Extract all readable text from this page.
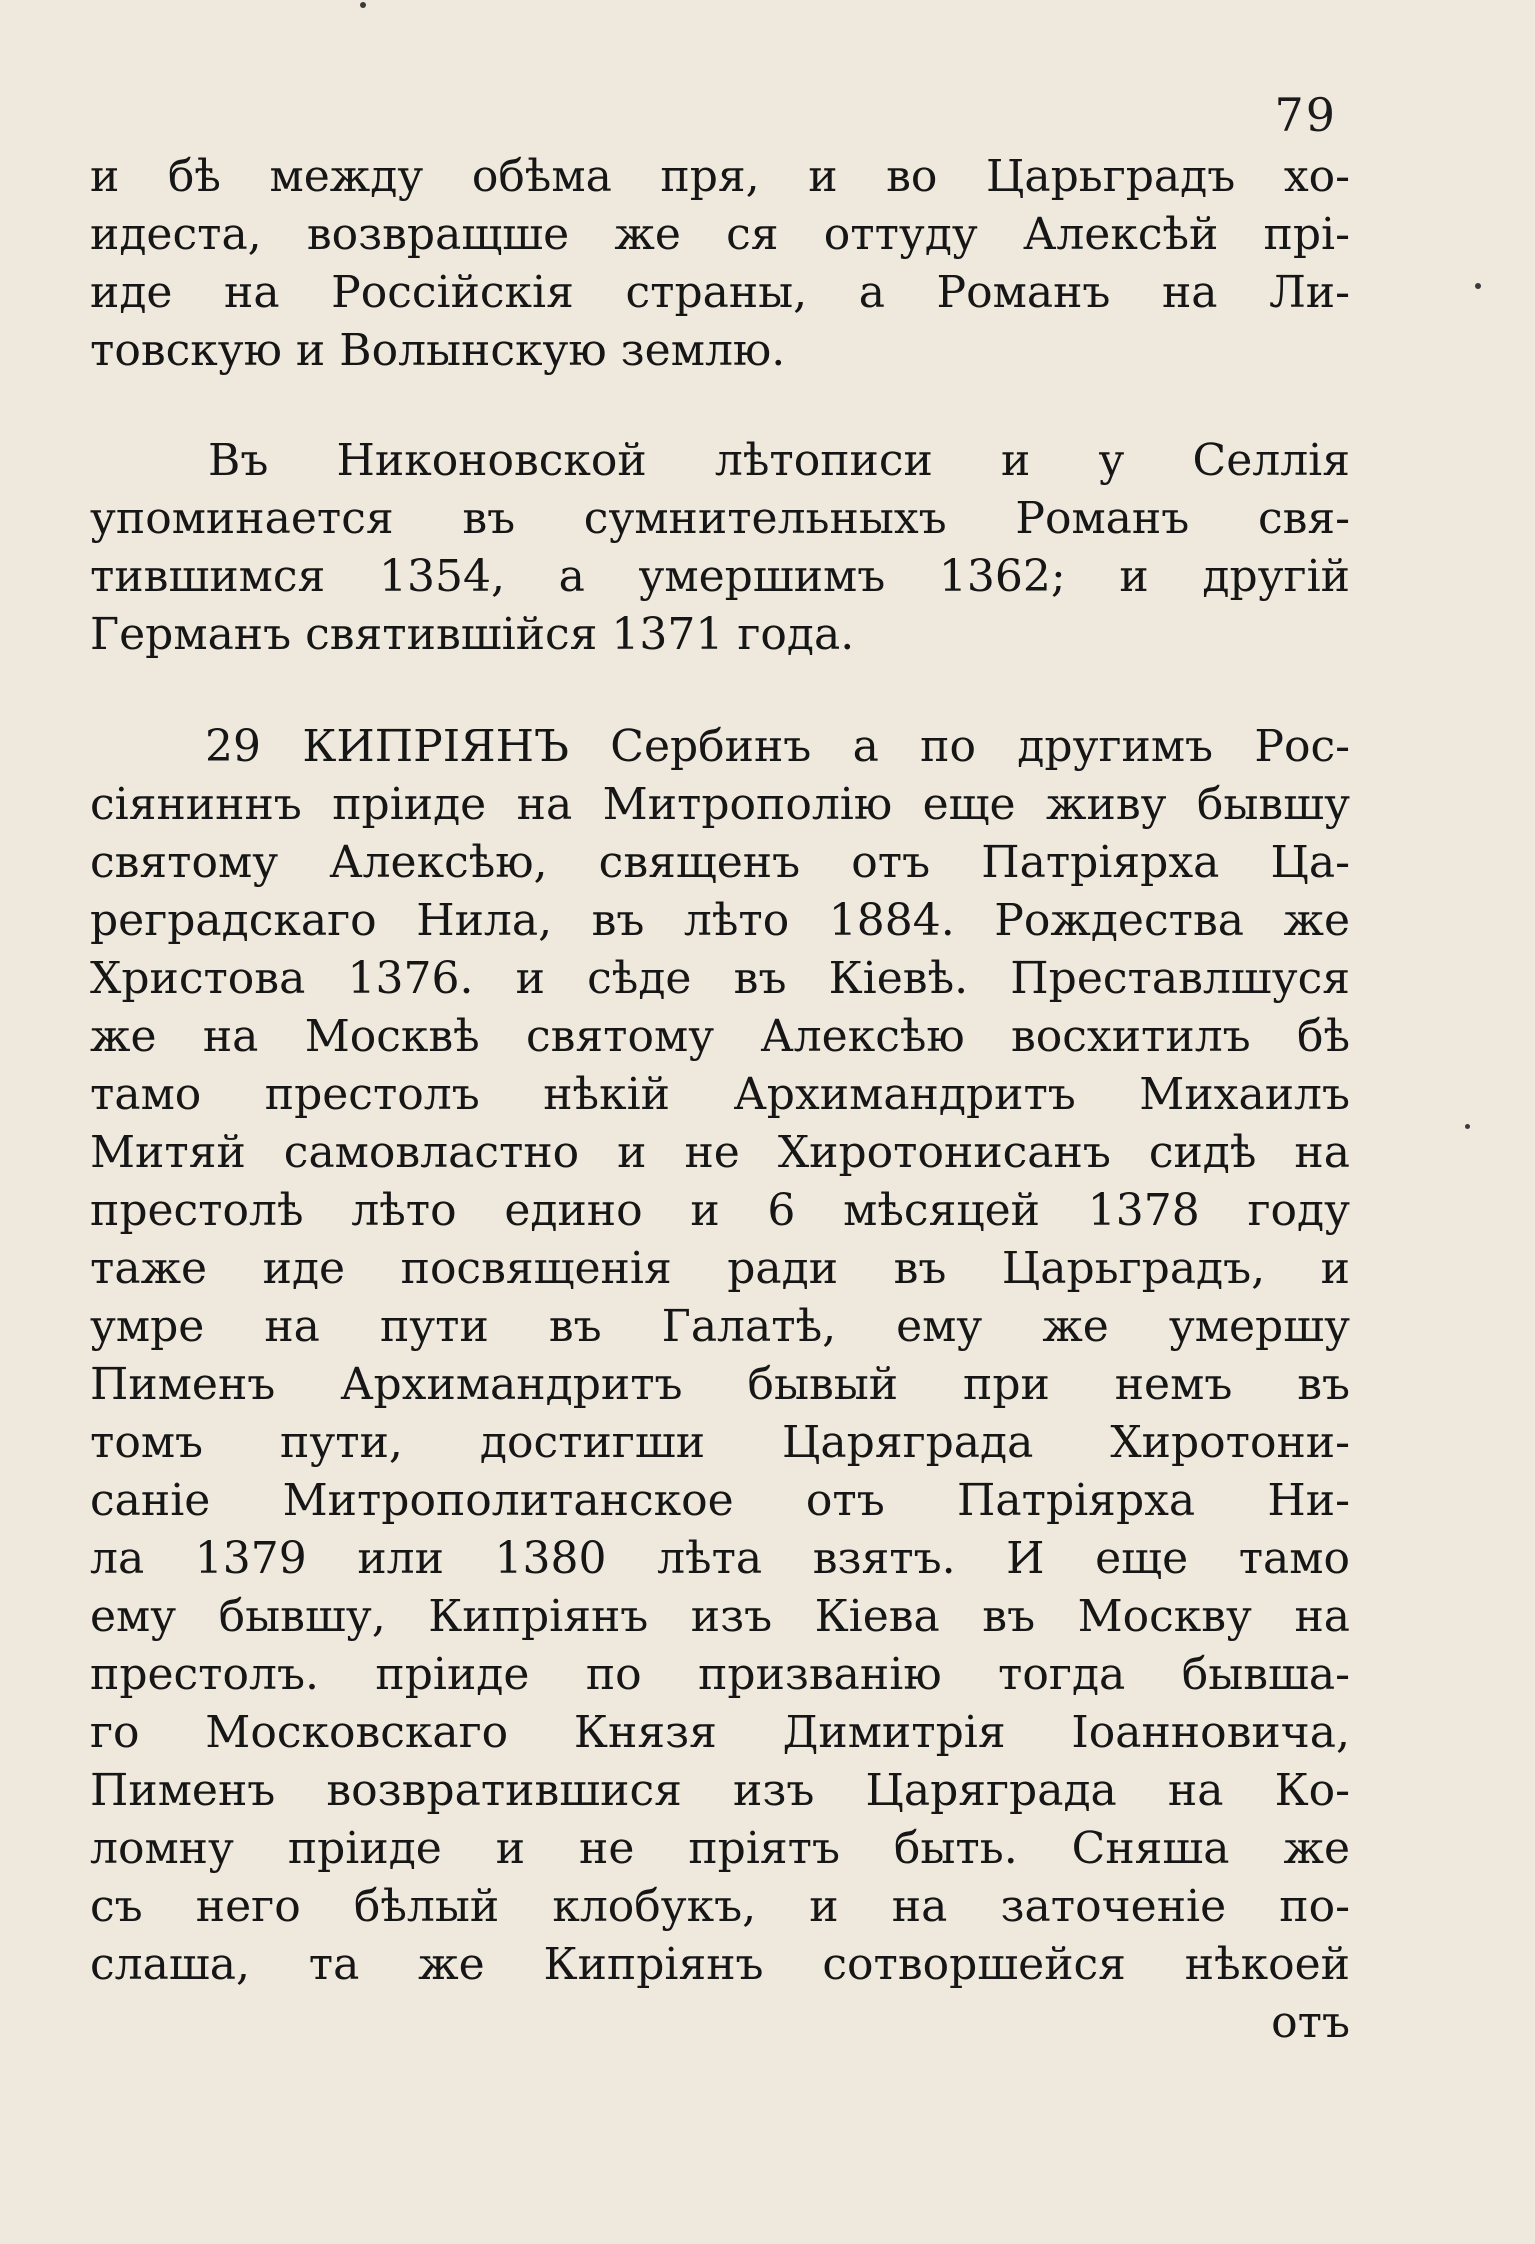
79
и бѣ между обѣма пря, и во Царьградъ хо-
идеста, возвращше же ся оттуду Алексѣй прі-
иде на Россійскія страны, а Романъ на Ли-
товскую и Волынскую землю.
Въ Никоновской лѣтописи и у Селлія
упоминается въ сумнительныхъ Романъ свя-
тившимся 1354, а умершимъ 1362; и другій
Германъ святившійся 1371 года.
29 КИПРІЯНЪ Сербинъ а по другимъ Рос-
сіяниннъ пріиде на Митрополію еще живу бывшу
святому Алексѣю, священъ отъ Патріярха Ца-
реградскаго Нила, въ лѣто 1884. Рождества же
Христова 1376. и сѣде въ Кіевѣ. Преставлшуся
же на Москвѣ святому Алексѣю восхитилъ бѣ
тамо престолъ нѣкій Архимандритъ Михаилъ
Митяй самовластно и не Хиротонисанъ сидѣ на
престолѣ лѣто едино и 6 мѣсяцей 1378 году
таже иде посвященія ради въ Царьградъ, и
умре на пути въ Галатѣ, ему же умершу
Пименъ Архимандритъ бывый при немъ въ
томъ пути, достигши Царяграда Хиротони-
саніе Митрополитанское отъ Патріярха Ни-
ла 1379 или 1380 лѣта взятъ. И еще тамо
ему бывшу, Кипріянъ изъ Кіева въ Москву на
престолъ. пріиде по призванію тогда бывша-
го Московскаго Князя Димитрія Іоанновича,
Пименъ возвратившися изъ Царяграда на Ко-
ломну пріиде и не пріятъ быть. Сняша же
съ него бѣлый клобукъ, и на заточеніе по-
слаша, та же Кипріянъ сотворшейся нѣкоей
отъ
